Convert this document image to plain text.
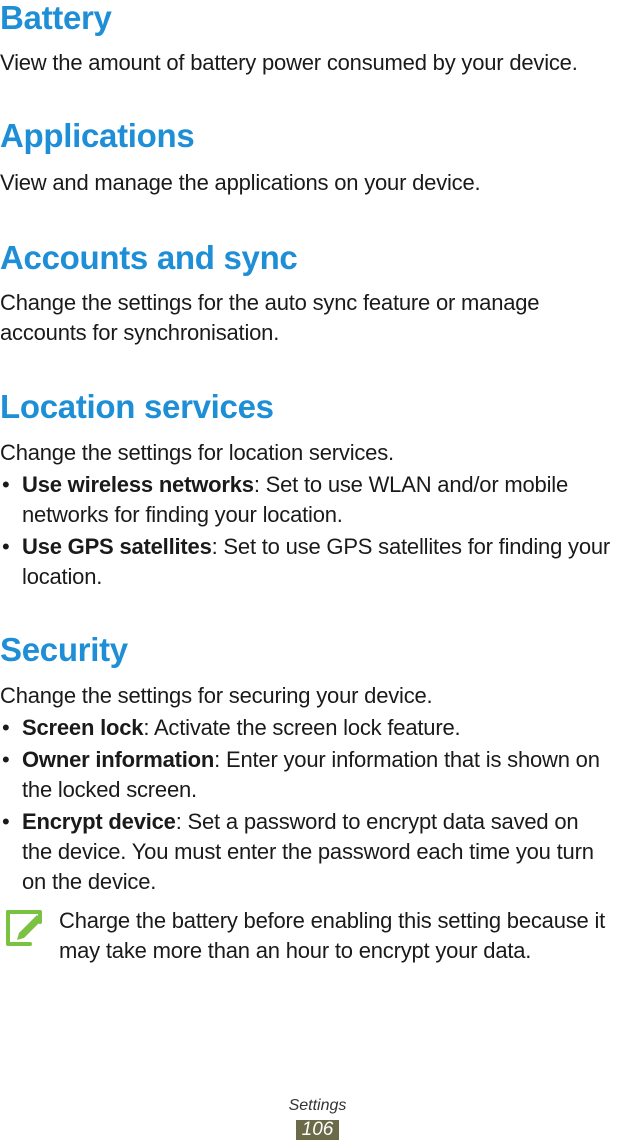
Battery

View the amount of battery power consumed by your device.

Applications

View and manage the applications on your device.

Accounts and sync

Change the settings for the auto sync feature or manage accounts for synchronisation.

Location services

Change the settings for location services.

• Use wireless networks: Set to use WLAN and/or mobile networks for finding your location.
• Use GPS satellites: Set to use GPS satellites for finding your location.
Security

Change the settings for securing your device.

• Screen lock: Activate the screen lock feature.
• Owner information: Enter your information that is shown on the locked screen.
• Encrypt device: Set a password to encrypt data saved on the device. You must enter the password each time you turn on the device.
Charge the battery before enabling this setting because it may take more than an hour to encrypt your data.
Settings
106
